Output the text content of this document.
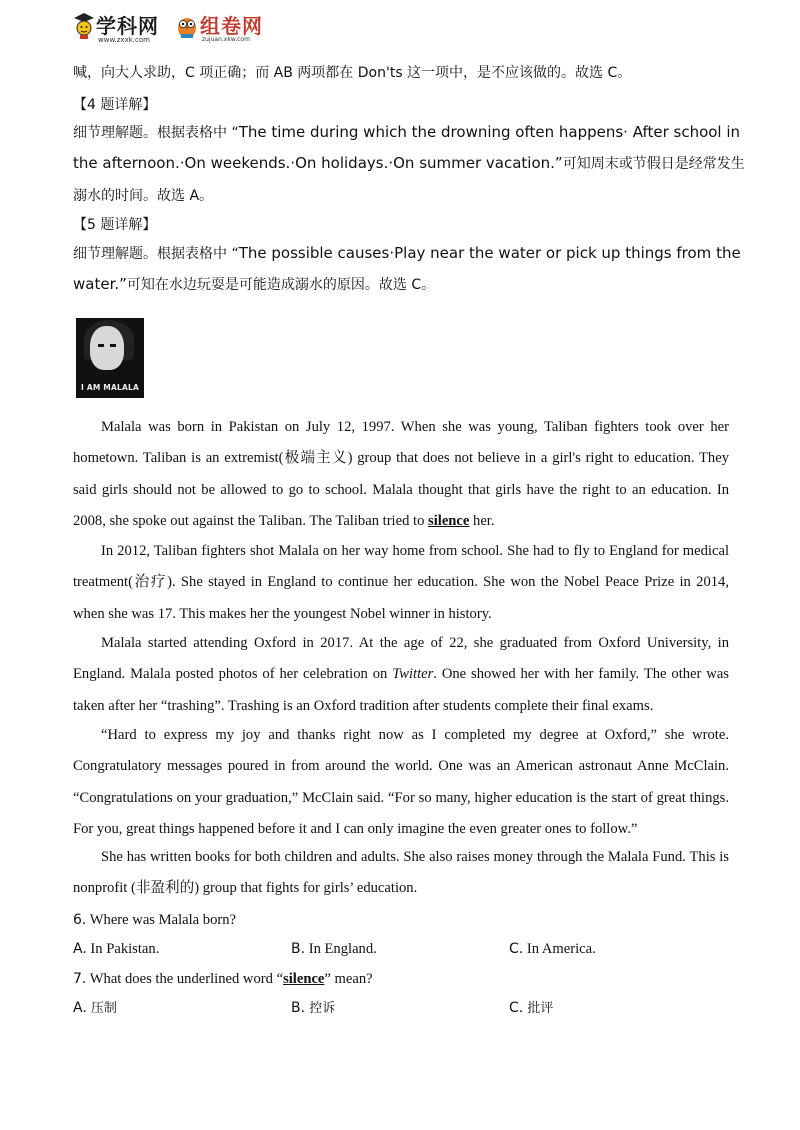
学科网
www.zxxk.com
组卷网
zujuan.xkw.com
喊，向大人求助，C 项正确；而 AB 两项都在 Don'ts 这一项中，是不应该做的。故选 C。
【4 题详解】
细节理解题。根据表格中 “The time during which the drowning often happens· After school in
the afternoon.·On weekends.·On holidays.·On summer vacation.”可知周末或节假日是经常发生
溺水的时间。故选 A。
【5 题详解】
细节理解题。根据表格中 “The possible causes·Play near the water or pick up things from the
water.”可知在水边玩耍是可能造成溺水的原因。故选 C。
I AM MALALA
Malala was born in Pakistan on July 12, 1997. When she was young, Taliban fighters took over her hometown. Taliban is an extremist(极端主义) group that does not believe in a girl's right to education. They said girls should not be allowed to go to school. Malala thought that girls have the right to an education. In 2008, she spoke out against the Taliban. The Taliban tried to silence her.
In 2012, Taliban fighters shot Malala on her way home from school. She had to fly to England for medical treatment(治疗). She stayed in England to continue her education. She won the Nobel Peace Prize in 2014, when she was 17. This makes her the youngest Nobel winner in history.
Malala started attending Oxford in 2017. At the age of 22, she graduated from Oxford University, in England. Malala posted photos of her celebration on Twitter. One showed her with her family. The other was taken after her “trashing”. Trashing is an Oxford tradition after students complete their final exams.
“Hard to express my joy and thanks right now as I completed my degree at Oxford,” she wrote. Congratulatory messages poured in from around the world. One was an American astronaut Anne McClain. “Congratulations on your graduation,” McClain said. “For so many, higher education is the start of great things. For you, great things happened before it and I can only imagine the even greater ones to follow.”
She has written books for both children and adults. She also raises money through the Malala Fund. This is nonprofit (非盈利的) group that fights for girls’ education.
6. Where was Malala born?
A. In Pakistan.	B. In England.	C. In America.
7. What does the underlined word “silence” mean?
A. 压制	B. 控诉	C. 批评
